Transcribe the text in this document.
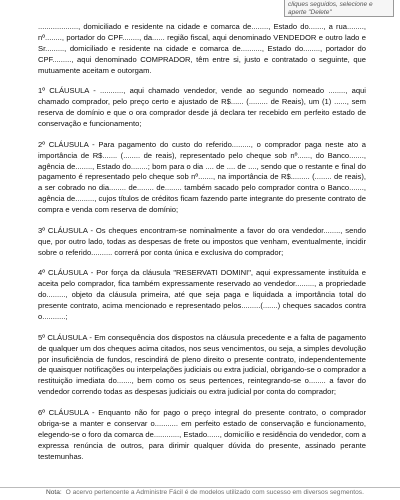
cliques seguidos, selecione e
aperte "Delete"

..................., domiciliado e residente na cidade e comarca de........, Estado do......., a rua........, nº........, portador do CPF........, da...... região fiscal, aqui denominado VENDEDOR e outro lado e Sr........., domiciliado e residente na cidade e comarca de.........., Estado do........, portador do CPF........., aqui denominado COMPRADOR, têm entre si, justo e contratado o seguinte, que mutuamente aceitam e outorgam.

1º CLÁUSULA - ..........., aqui chamado vendedor, vende ao segundo nomeado ........, aqui chamado comprador, pelo preço certo e ajustado de R$...... (......... de Reais), um (1) ......, sem reserva de domínio e que o ora comprador desde já declara ter recebido em perfeito estado de conservação e funcionamento;

2º CLÁUSULA - Para pagamento do custo do referido........., o comprador paga neste ato a importância de R$....... (........ de reais), representado pelo cheque sob nº......, do Banco......., agência de........, Estado do........; bom para o dia .... de .... de ...., sendo que o restante e final do pagamento é representado pelo cheque sob nº......., na importância de R$......... (........ de reais), a ser cobrado no dia........ de........ de........ também sacado pelo comprador contra o Banco......., agência de........., cujos títulos de créditos ficam fazendo parte integrante do presente contrato de compra e venda com reserva de domínio;

3º CLÁUSULA - Os cheques encontram-se nominalmente a favor do ora vendedor........, sendo que, por outro lado, todas as despesas de frete ou impostos que venham, eventualmente, incidir sobre o referido.......... correrá por conta única e exclusiva do comprador;

4º CLÁUSULA - Por força da cláusula "RESERVATI DOMINI", aqui expressamente instituída e aceita pelo comprador, fica também expressamente reservado ao vendedor........., a propriedade do........., objeto da cláusula primeira, até que seja paga e liquidada a importância total do presente contrato, acima mencionado e representado pelos.........(.......) cheques sacados contra o...........;

5º CLÁUSULA - Em consequência dos dispostos na cláusula precedente e a falta de pagamento de qualquer um dos cheques acima citados, nos seus vencimentos, ou seja, a simples devolução por insuficiência de fundos, rescindirá de pleno direito o presente contrato, independentemente de quaisquer notificações ou interpelações judiciais ou extra judicial, obrigando-se o comprador a restituição imediata do......., bem como os seus pertences, reintegrando-se o........ a favor do vendedor correndo todas as despesas judiciais ou extra judicial por conta do comprador;

6º CLÁUSULA - Enquanto não for pago o preço integral do presente contrato, o comprador obriga-se a manter e conservar o........... em perfeito estado de conservação e funcionamento, elegendo-se o foro da comarca de............, Estado......, domicílio e residência do vendedor, com a expressa renúncia de outros, para dirimir qualquer dúvida do presente, assinado perante testemunhas.

Nota: O acervo pertencente a Administre Fácil é de modelos utilizado com sucesso em diversos segmentos.
